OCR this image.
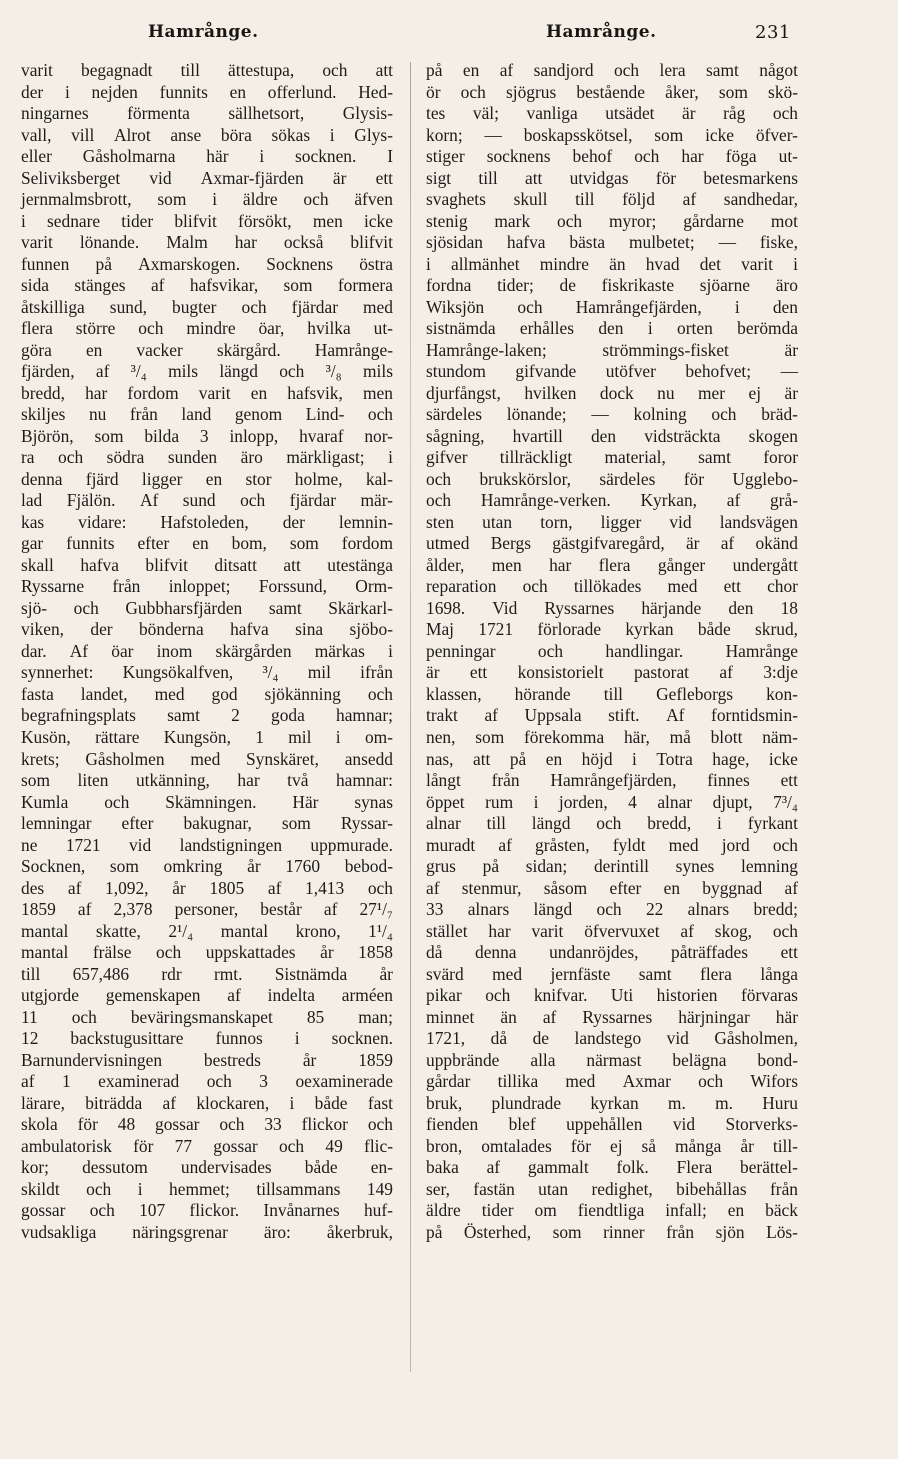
Hamrånge.	Hamrånge.	231
varit begagnadt till ättestupa, och att
der i nejden funnits en offerlund. Hed-
ningarnes förmenta sällhetsort, Glysis-
vall, vill Alrot anse böra sökas i Glys-
eller Gåsholmarna här i socknen. I
Seliviksberget vid Axmar-fjärden är ett
jernmalmsbrott, som i äldre och äfven
i sednare tider blifvit försökt, men icke
varit lönande. Malm har också blifvit
funnen på Axmarskogen. Socknens östra
sida stänges af hafsvikar, som formera
åtskilliga sund, bugter och fjärdar med
flera större och mindre öar, hvilka ut-
göra en vacker skärgård. Hamrånge-
fjärden, af ³/₄ mils längd och ³/₈ mils
bredd, har fordom varit en hafsvik, men
skiljes nu från land genom Lind- och
Björön, som bilda 3 inlopp, hvaraf nor-
ra och södra sunden äro märkligast; i
denna fjärd ligger en stor holme, kal-
lad Fjälön. Af sund och fjärdar mär-
kas vidare: Hafstoleden, der lemnin-
gar funnits efter en bom, som fordom
skall hafva blifvit ditsatt att utestänga
Ryssarne från inloppet; Forssund, Orm-
sjö- och Gubbharsfjärden samt Skärkarl-
viken, der bönderna hafva sina sjöbo-
dar. Af öar inom skärgården märkas i
synnerhet: Kungsökalfven, ³/₄ mil ifrån
fasta landet, med god sjökänning och
begrafningsplats samt 2 goda hamnar;
Kusön, rättare Kungsön, 1 mil i om-
krets; Gåsholmen med Synskäret, ansedd
som liten utkänning, har två hamnar:
Kumla och Skämningen. Här synas
lemningar efter bakugnar, som Ryssar-
ne 1721 vid landstigningen uppmurade.
Socknen, som omkring år 1760 bebod-
des af 1,092, år 1805 af 1,413 och
1859 af 2,378 personer, består af 27¹/₇
mantal skatte, 2¹/₄ mantal krono, 1¹/₄
mantal frälse och uppskattades år 1858
till 657,486 rdr rmt. Sistnämda år
utgjorde gemenskapen af indelta arméen
11 och beväringsmanskapet 85 man;
12 backstugusittare funnos i socknen.
Barnundervisningen bestreds år 1859
af 1 examinerad och 3 oexaminerade
lärare, biträdda af klockaren, i både fast
skola för 48 gossar och 33 flickor och
ambulatorisk för 77 gossar och 49 flic-
kor; dessutom undervisades både en-
skildt och i hemmet; tillsammans 149
gossar och 107 flickor. Invånarnes huf-
vudsakliga näringsgrenar äro: åkerbruk,
på en af sandjord och lera samt något
ör och sjögrus bestående åker, som skö-
tes väl; vanliga utsädet är råg och
korn; — boskapsskötsel, som icke öfver-
stiger socknens behof och har föga ut-
sigt till att utvidgas för betesmarkens
svaghets skull till följd af sandhedar,
stenig mark och myror; gårdarne mot
sjösidan hafva bästa mulbetet; — fiske,
i allmänhet mindre än hvad det varit i
fordna tider; de fiskrikaste sjöarne äro
Wiksjön och Hamrångefjärden, i den
sistnämda erhålles den i orten berömda
Hamrånge-laken;	strömmings-fisket	är
stundom gifvande utöfver behofvet; —
djurfångst, hvilken dock nu mer ej är
särdeles lönande; — kolning och bräd-
sågning, hvartill den vidsträckta skogen
gifver tillräckligt material, samt foror
och brukskörslor, särdeles för Ugglebo-
och Hamrånge-verken. Kyrkan, af grå-
sten utan torn, ligger vid landsvägen
utmed Bergs gästgifvaregård, är af okänd
ålder, men har flera gånger undergått
reparation och tillökades med ett chor
1698. Vid Ryssarnes härjande den 18
Maj 1721 förlorade kyrkan både skrud,
penningar och handlingar. Hamrånge
är ett konsistorielt pastorat af 3:dje
klassen, hörande till Gefleborgs kon-
trakt af Uppsala stift. Af forntidsmin-
nen, som förekomma här, må blott näm-
nas, att på en höjd i Totra hage, icke
långt från Hamrångefjärden, finnes ett
öppet rum i jorden, 4 alnar djupt, 7³/₄
alnar till längd och bredd, i fyrkant
muradt af gråsten, fyldt med jord och
grus på sidan; derintill synes lemning
af stenmur, såsom efter en byggnad af
33 alnars längd och 22 alnars bredd;
stället har varit öfvervuxet af skog, och
då denna undanröjdes, påträffades ett
svärd med jernfäste samt flera långa
pikar och knifvar. Uti historien förvaras
minnet än af Ryssarnes härjningar här
1721, då de landstego vid Gåsholmen,
uppbrände alla närmast belägna bond-
gårdar tillika med Axmar och Wifors
bruk, plundrade kyrkan m. m. Huru
fienden blef uppehållen vid Storverks-
bron, omtalades för ej så många år till-
baka af gammalt folk. Flera berättel-
ser, fastän utan redighet, bibehållas från
äldre tider om fiendtliga infall; en bäck
på Österhed, som rinner från sjön Lös-
